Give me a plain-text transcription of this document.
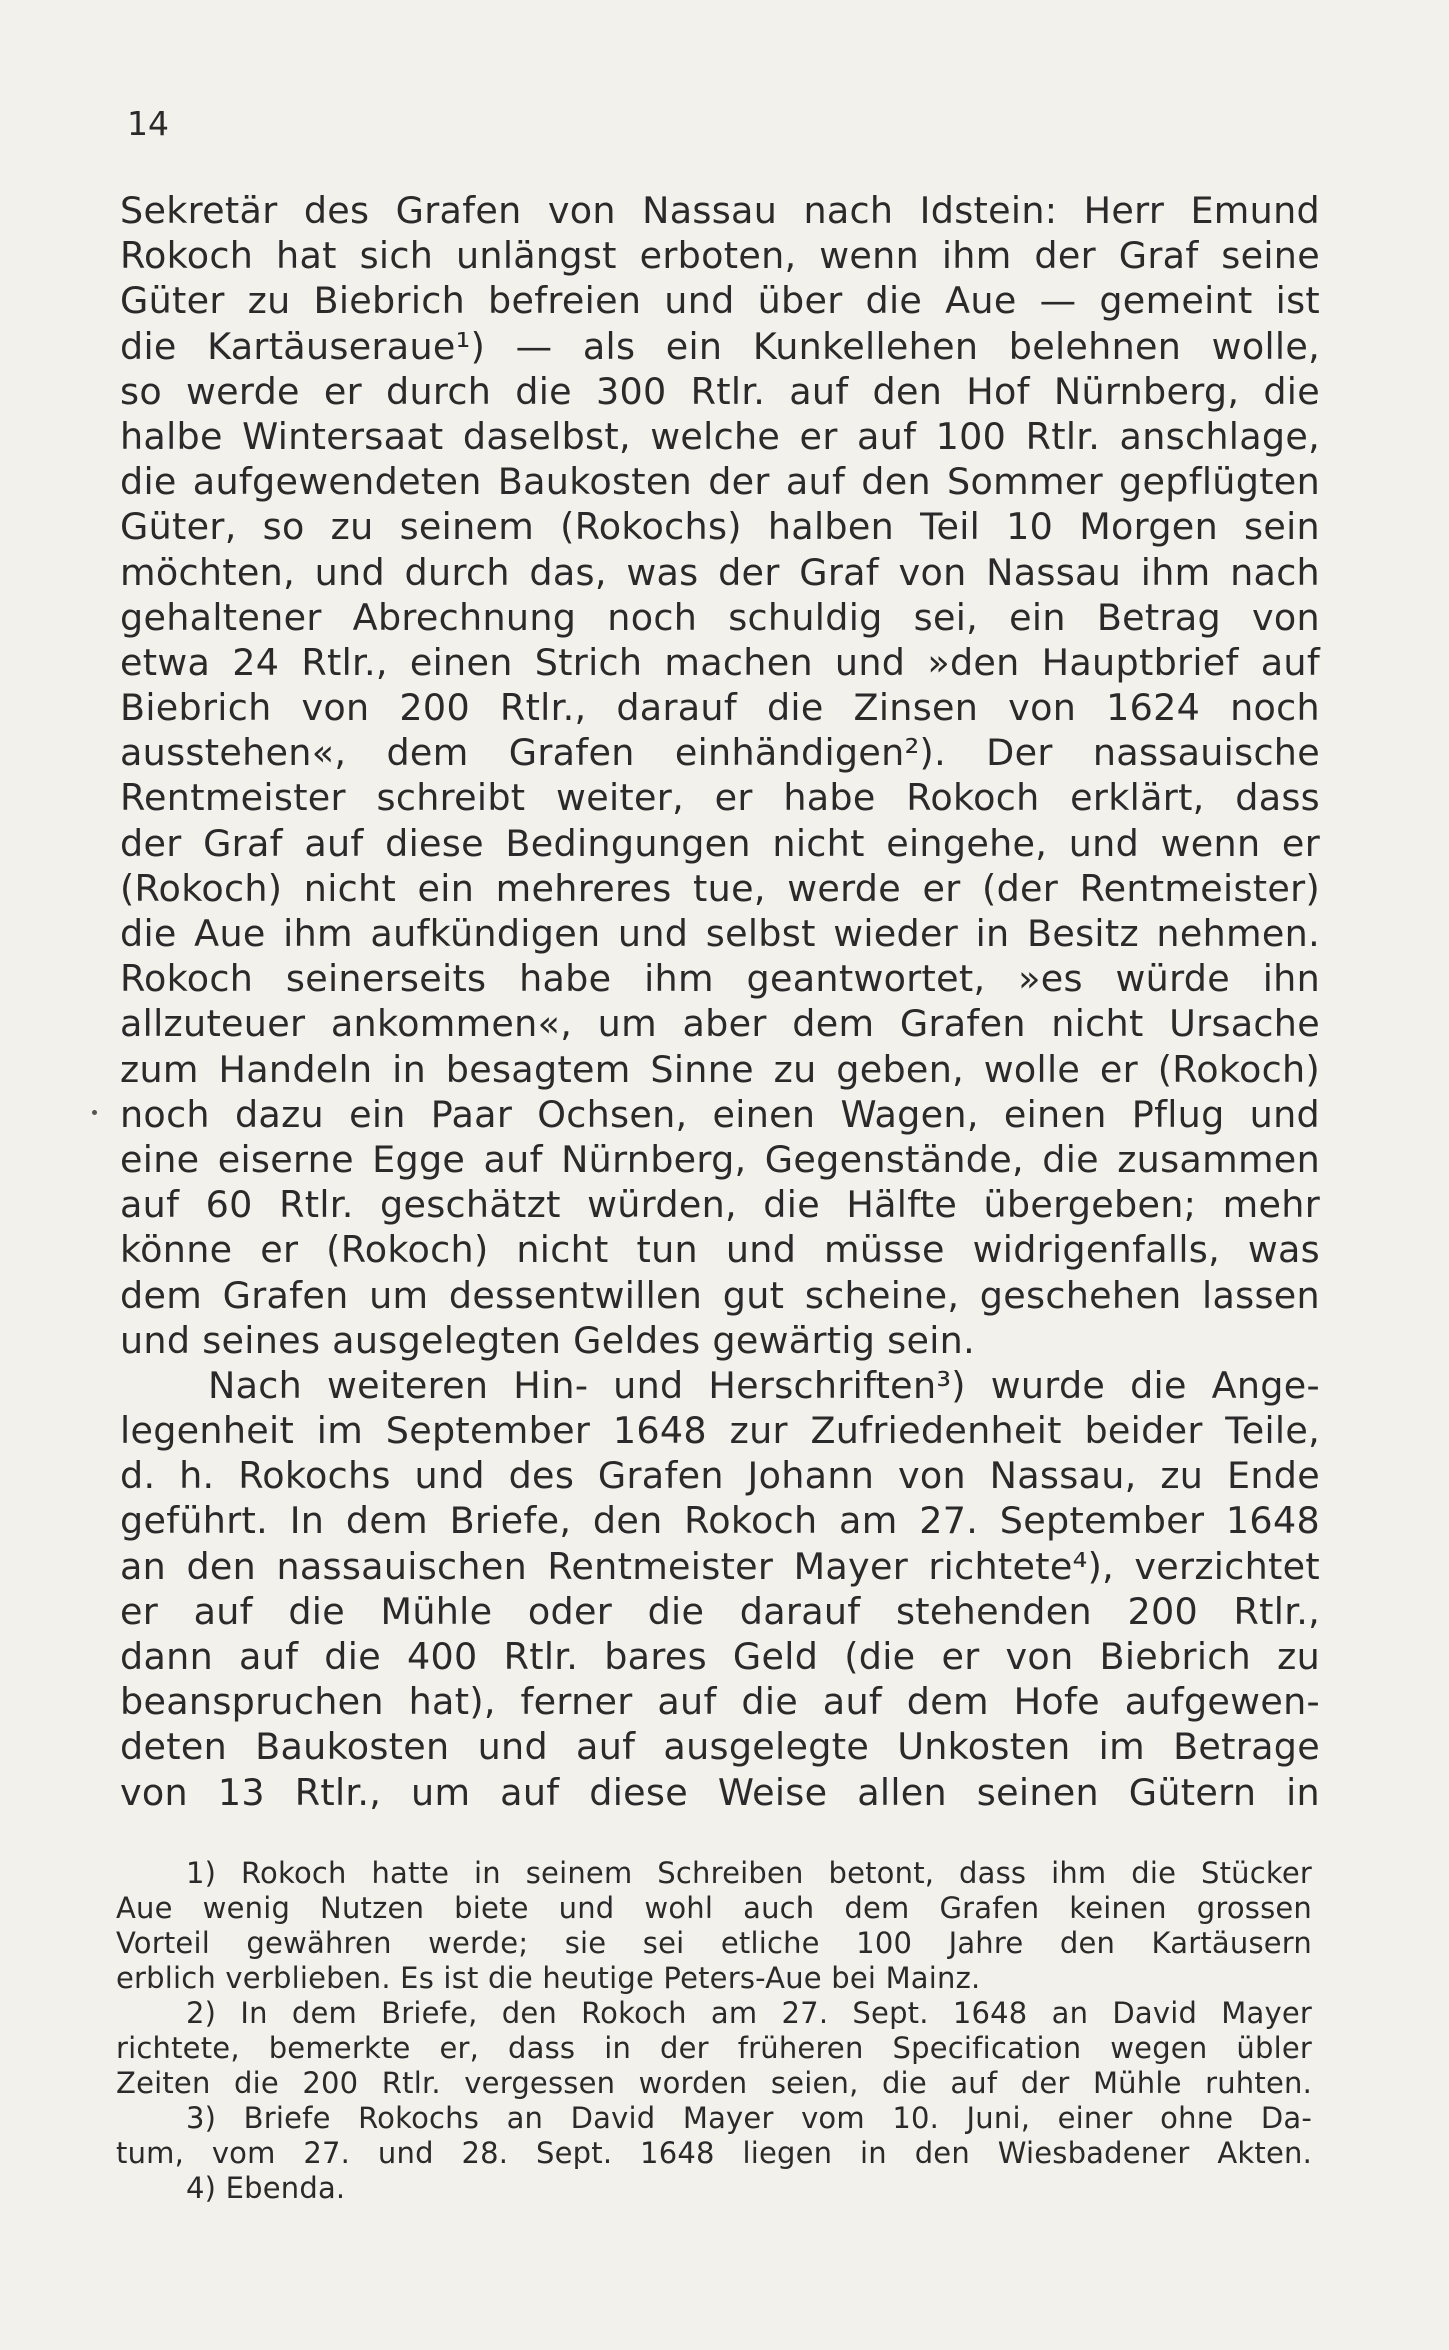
14
Sekretär des Grafen von Nassau nach Idstein: Herr Emund
Rokoch hat sich unlängst erboten, wenn ihm der Graf seine
Güter zu Biebrich befreien und über die Aue — gemeint ist
die Kartäuseraue¹) — als ein Kunkellehen belehnen wolle,
so werde er durch die 300 Rtlr. auf den Hof Nürnberg, die
halbe Wintersaat daselbst, welche er auf 100 Rtlr. anschlage,
die aufgewendeten Baukosten der auf den Sommer gepflügten
Güter, so zu seinem (Rokochs) halben Teil 10 Morgen sein
möchten, und durch das, was der Graf von Nassau ihm nach
gehaltener Abrechnung noch schuldig sei, ein Betrag von
etwa 24 Rtlr., einen Strich machen und »den Hauptbrief auf
Biebrich von 200 Rtlr., darauf die Zinsen von 1624 noch
ausstehen«, dem Grafen einhändigen²). Der nassauische
Rentmeister schreibt weiter, er habe Rokoch erklärt, dass
der Graf auf diese Bedingungen nicht eingehe, und wenn er
(Rokoch) nicht ein mehreres tue, werde er (der Rentmeister)
die Aue ihm aufkündigen und selbst wieder in Besitz nehmen.
Rokoch seinerseits habe ihm geantwortet, »es würde ihn
allzuteuer ankommen«, um aber dem Grafen nicht Ursache
zum Handeln in besagtem Sinne zu geben, wolle er (Rokoch)
noch dazu ein Paar Ochsen, einen Wagen, einen Pflug und
eine eiserne Egge auf Nürnberg, Gegenstände, die zusammen
auf 60 Rtlr. geschätzt würden, die Hälfte übergeben; mehr
könne er (Rokoch) nicht tun und müsse widrigenfalls, was
dem Grafen um dessentwillen gut scheine, geschehen lassen
und seines ausgelegten Geldes gewärtig sein.
Nach weiteren Hin- und Herschriften³) wurde die Ange-
legenheit im September 1648 zur Zufriedenheit beider Teile,
d. h. Rokochs und des Grafen Johann von Nassau, zu Ende
geführt. In dem Briefe, den Rokoch am 27. September 1648
an den nassauischen Rentmeister Mayer richtete⁴), verzichtet
er auf die Mühle oder die darauf stehenden 200 Rtlr.,
dann auf die 400 Rtlr. bares Geld (die er von Biebrich zu
beanspruchen hat), ferner auf die auf dem Hofe aufgewen-
deten Baukosten und auf ausgelegte Unkosten im Betrage
von 13 Rtlr., um auf diese Weise allen seinen Gütern in
1) Rokoch hatte in seinem Schreiben betont, dass ihm die Stücker
Aue wenig Nutzen biete und wohl auch dem Grafen keinen grossen
Vorteil gewähren werde; sie sei etliche 100 Jahre den Kartäusern
erblich verblieben. Es ist die heutige Peters-Aue bei Mainz.
2) In dem Briefe, den Rokoch am 27. Sept. 1648 an David Mayer
richtete, bemerkte er, dass in der früheren Specification wegen übler
Zeiten die 200 Rtlr. vergessen worden seien, die auf der Mühle ruhten.
3) Briefe Rokochs an David Mayer vom 10. Juni, einer ohne Da-
tum, vom 27. und 28. Sept. 1648 liegen in den Wiesbadener Akten.
4) Ebenda.
